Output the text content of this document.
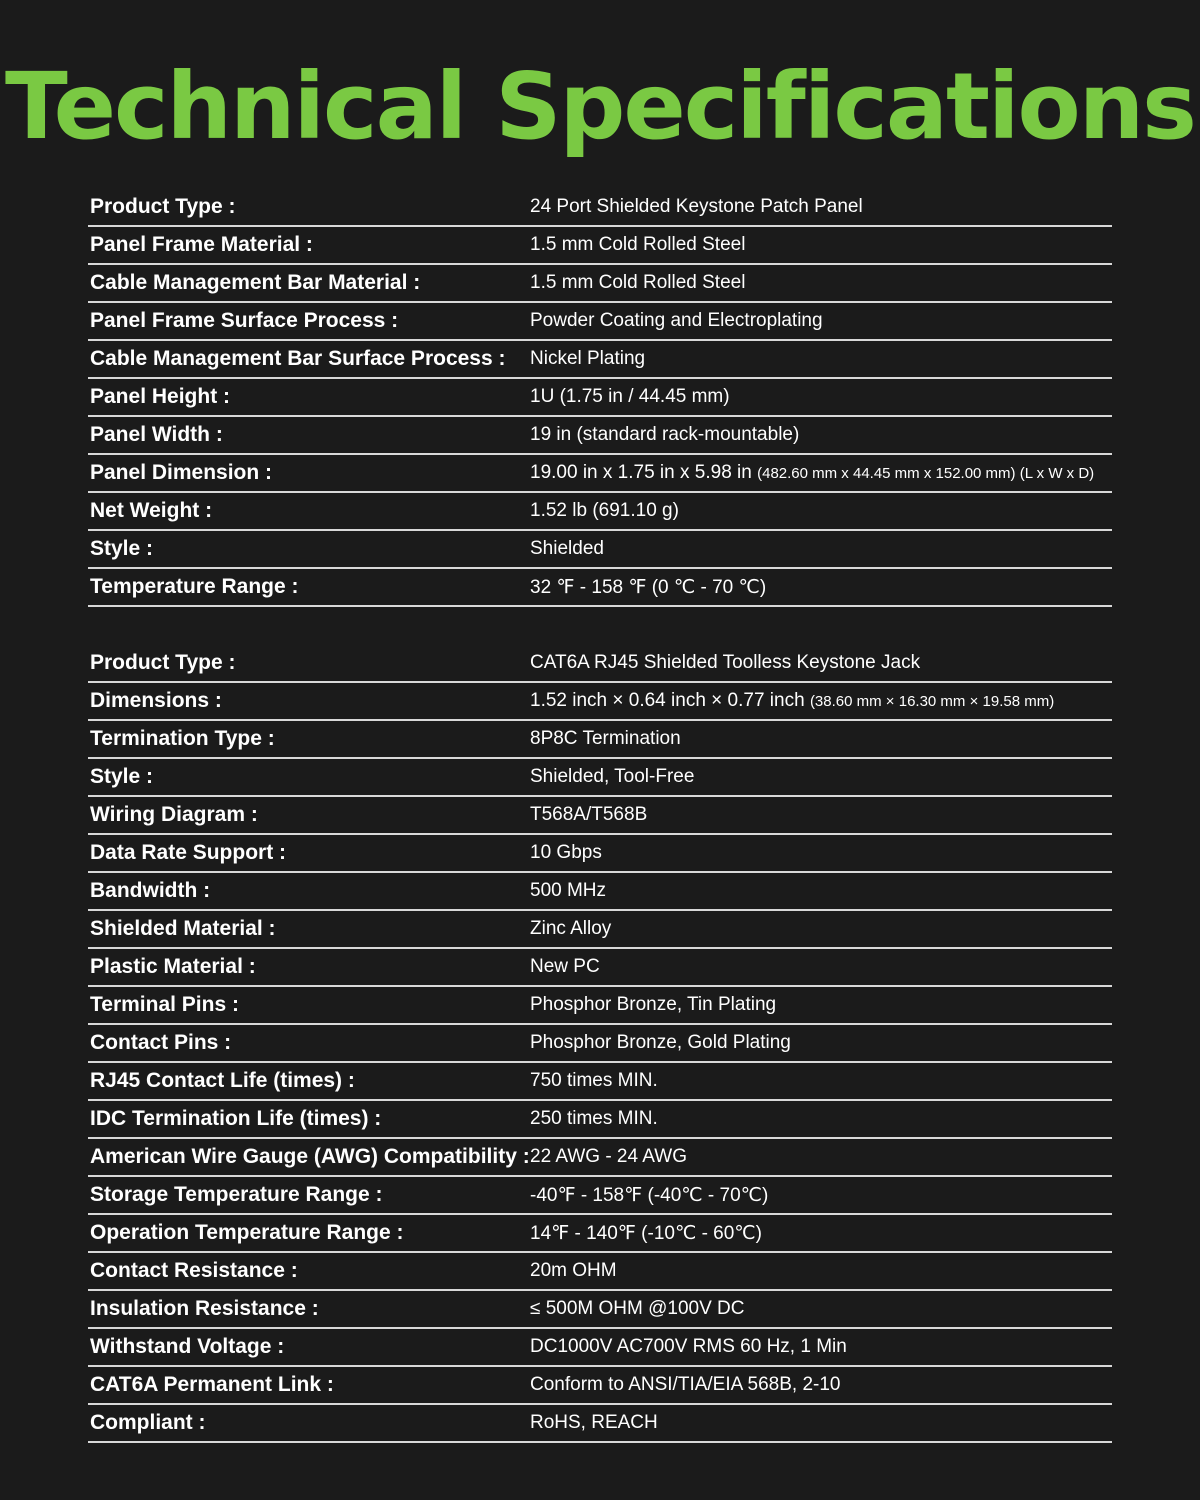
Technical Specifications
Product Type :	24 Port Shielded Keystone Patch Panel
Panel Frame Material :	1.5 mm Cold Rolled Steel
Cable Management Bar Material :	1.5 mm Cold Rolled Steel
Panel Frame Surface Process :	Powder Coating and Electroplating
Cable Management Bar Surface Process :	Nickel Plating
Panel Height :	1U (1.75 in / 44.45 mm)
Panel Width :	19 in (standard rack-mountable)
Panel Dimension :	19.00 in x 1.75 in x 5.98 in (482.60 mm x 44.45 mm x 152.00 mm) (L x W x D)
Net Weight :	1.52 lb (691.10 g)
Style :	Shielded
Temperature Range :	32 ℉ - 158 ℉ (0 ℃ - 70 ℃)
Product Type :	CAT6A RJ45 Shielded Toolless Keystone Jack
Dimensions :	1.52 inch × 0.64 inch × 0.77 inch (38.60 mm × 16.30 mm × 19.58 mm)
Termination Type :	8P8C Termination
Style :	Shielded, Tool-Free
Wiring Diagram :	T568A/T568B
Data Rate Support :	10 Gbps
Bandwidth :	500 MHz
Shielded Material :	Zinc Alloy
Plastic Material :	New PC
Terminal Pins :	Phosphor Bronze, Tin Plating
Contact Pins :	Phosphor Bronze, Gold Plating
RJ45 Contact Life (times) :	750 times MIN.
IDC Termination Life (times) :	250 times MIN.
American Wire Gauge (AWG) Compatibility : 22 AWG - 24 AWG
Storage Temperature Range :	-40℉ - 158℉ (-40℃ - 70℃)
Operation Temperature Range :	14℉ - 140℉ (-10℃ - 60℃)
Contact Resistance :	20m OHM
Insulation Resistance :	≤ 500M OHM @100V DC
Withstand Voltage :	DC1000V AC700V RMS 60 Hz, 1 Min
CAT6A Permanent Link :	Conform to ANSI/TIA/EIA 568B, 2-10
Compliant :	RoHS, REACH
